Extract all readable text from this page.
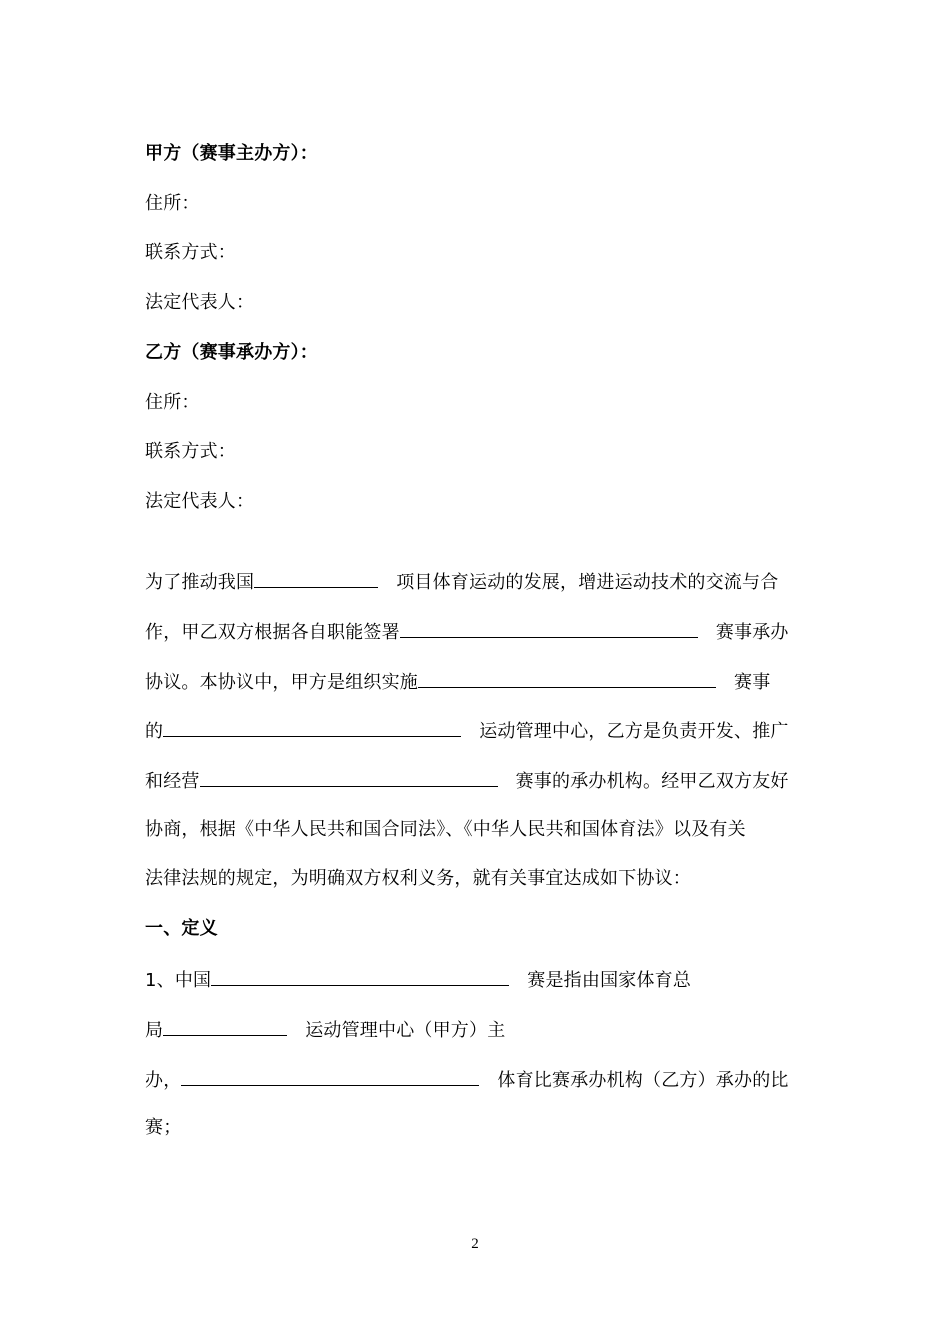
甲方（赛事主办方）：
住所：
联系方式：
法定代表人：
乙方（赛事承办方）：
住所：
联系方式：
法定代表人：
为了推动我国	项目体育运动的发展，增进运动技术的交流与合
作，甲乙双方根据各自职能签署	赛事承办
协议。本协议中，甲方是组织实施	赛事
的	运动管理中心，乙方是负责开发、推广
和经营	赛事的承办机构。经甲乙双方友好
协商，根据《中华人民共和国合同法》、《中华人民共和国体育法》以及有关
法律法规的规定，为明确双方权利义务，就有关事宜达成如下协议：
一、定义
1、中国	赛是指由国家体育总
局	运动管理中心（甲方）主
办，	体育比赛承办机构（乙方）承办的比
赛；
2
